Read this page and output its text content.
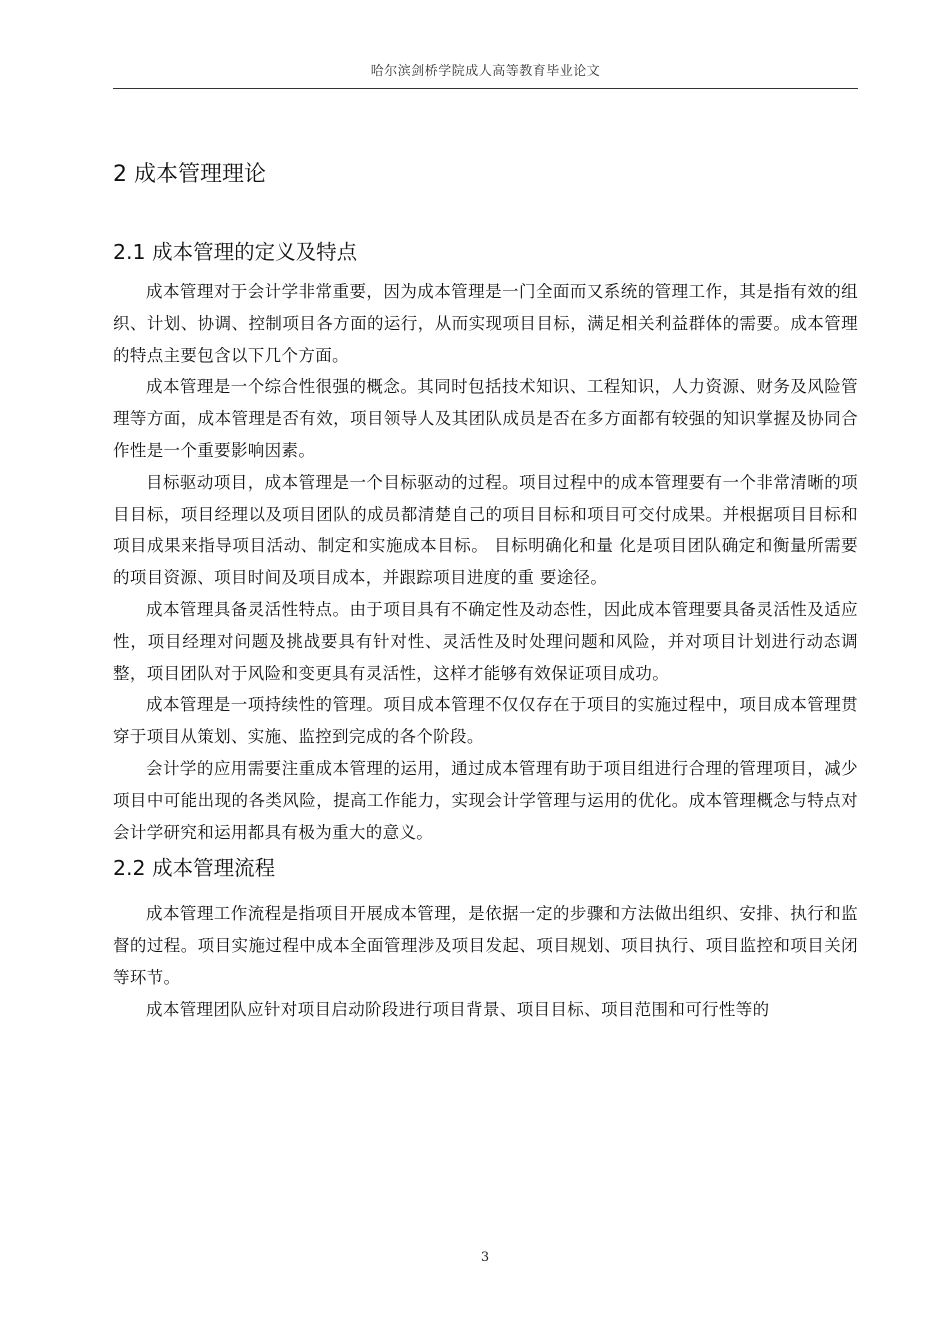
哈尔滨剑桥学院成人高等教育毕业论文
2 成本管理理论
2.1 成本管理的定义及特点

成本管理对于会计学非常重要，因为成本管理是一门全面而又系统的管理工作，其是指有效的组织、计划、协调、控制项目各方面的运行，从而实现项目目标，满足相关利益群体的需要。成本管理的特点主要包含以下几个方面。

成本管理是一个综合性很强的概念。其同时包括技术知识、工程知识，人力资源、财务及风险管理等方面，成本管理是否有效，项目领导人及其团队成员是否在多方面都有较强的知识掌握及协同合作性是一个重要影响因素。

目标驱动项目，成本管理是一个目标驱动的过程。项目过程中的成本管理要有一个非常清晰的项目目标，项目经理以及项目团队的成员都清楚自己的项目目标和项目可交付成果。并根据项目目标和项目成果来指导项目活动、制定和实施成本目标。 目标明确化和量 化是项目团队确定和衡量所需要的项目资源、项目时间及项目成本，并跟踪项目进度的重 要途径。

成本管理具备灵活性特点。由于项目具有不确定性及动态性，因此成本管理要具备灵活性及适应性，项目经理对问题及挑战要具有针对性、灵活性及时处理问题和风险，并对项目计划进行动态调整，项目团队对于风险和变更具有灵活性，这样才能够有效保证项目成功。

成本管理是一项持续性的管理。项目成本管理不仅仅存在于项目的实施过程中，项目成本管理贯穿于项目从策划、实施、监控到完成的各个阶段。

会计学的应用需要注重成本管理的运用，通过成本管理有助于项目组进行合理的管理项目，减少项目中可能出现的各类风险，提高工作能力，实现会计学管理与运用的优化。成本管理概念与特点对会计学研究和运用都具有极为重大的意义。

2.2 成本管理流程

成本管理工作流程是指项目开展成本管理，是依据一定的步骤和方法做出组织、安排、执行和监督的过程。项目实施过程中成本全面管理涉及项目发起、项目规划、项目执行、项目监控和项目关闭等环节。

成本管理团队应针对项目启动阶段进行项目背景、项目目标、项目范围和可行性等的

3
